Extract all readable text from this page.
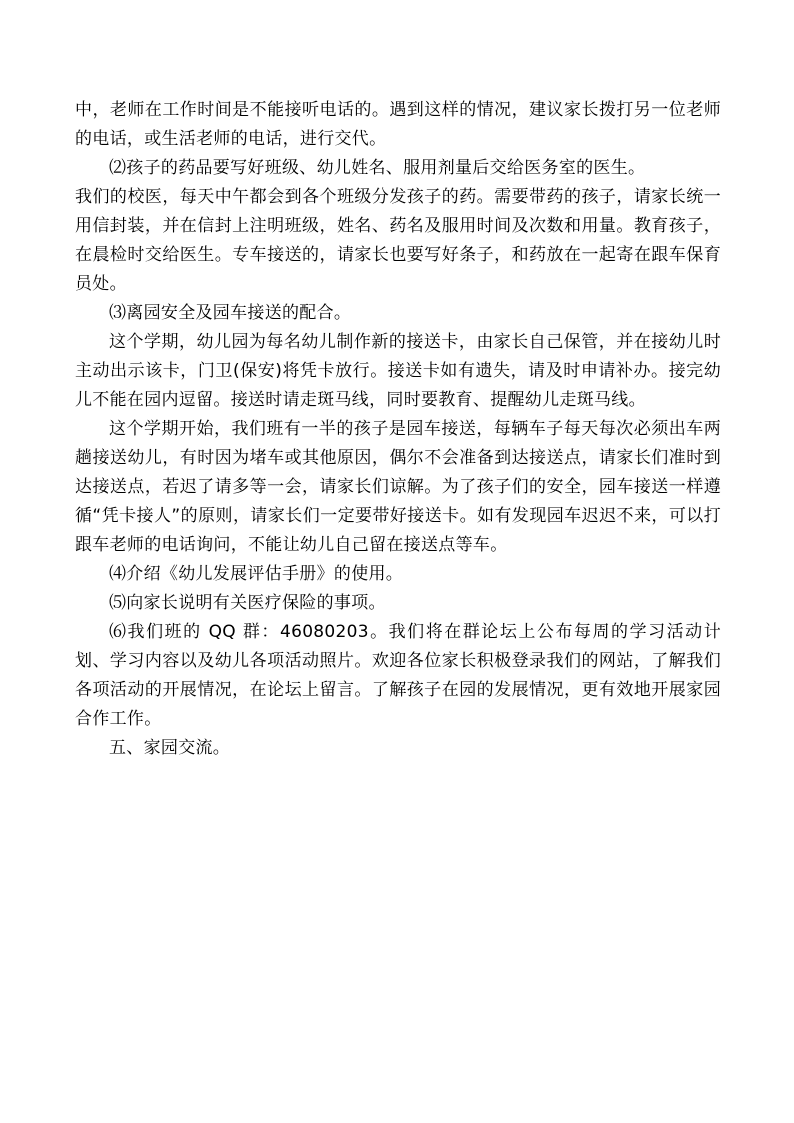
中，老师在工作时间是不能接听电话的。遇到这样的情况，建议家长拨打另一位老师的电话，或生活老师的电话，进行交代。

⑵孩子的药品要写好班级、幼儿姓名、服用剂量后交给医务室的医生。

我们的校医，每天中午都会到各个班级分发孩子的药。需要带药的孩子，请家长统一用信封装，并在信封上注明班级，姓名、药名及服用时间及次数和用量。教育孩子，在晨检时交给医生。专车接送的，请家长也要写好条子，和药放在一起寄在跟车保育员处。

⑶离园安全及园车接送的配合。

这个学期，幼儿园为每名幼儿制作新的接送卡，由家长自己保管，并在接幼儿时主动出示该卡，门卫(保安)将凭卡放行。接送卡如有遗失，请及时申请补办。接完幼儿不能在园内逗留。接送时请走斑马线，同时要教育、提醒幼儿走斑马线。

这个学期开始，我们班有一半的孩子是园车接送，每辆车子每天每次必须出车两趟接送幼儿，有时因为堵车或其他原因，偶尔不会准备到达接送点，请家长们准时到达接送点，若迟了请多等一会，请家长们谅解。为了孩子们的安全，园车接送一样遵循“凭卡接人”的原则，请家长们一定要带好接送卡。如有发现园车迟迟不来，可以打跟车老师的电话询问，不能让幼儿自己留在接送点等车。

⑷介绍《幼儿发展评估手册》的使用。

⑸向家长说明有关医疗保险的事项。

⑹我们班的 QQ 群：46080203。我们将在群论坛上公布每周的学习活动计划、学习内容以及幼儿各项活动照片。欢迎各位家长积极登录我们的网站，了解我们各项活动的开展情况，在论坛上留言。了解孩子在园的发展情况，更有效地开展家园合作工作。

五、家园交流。
